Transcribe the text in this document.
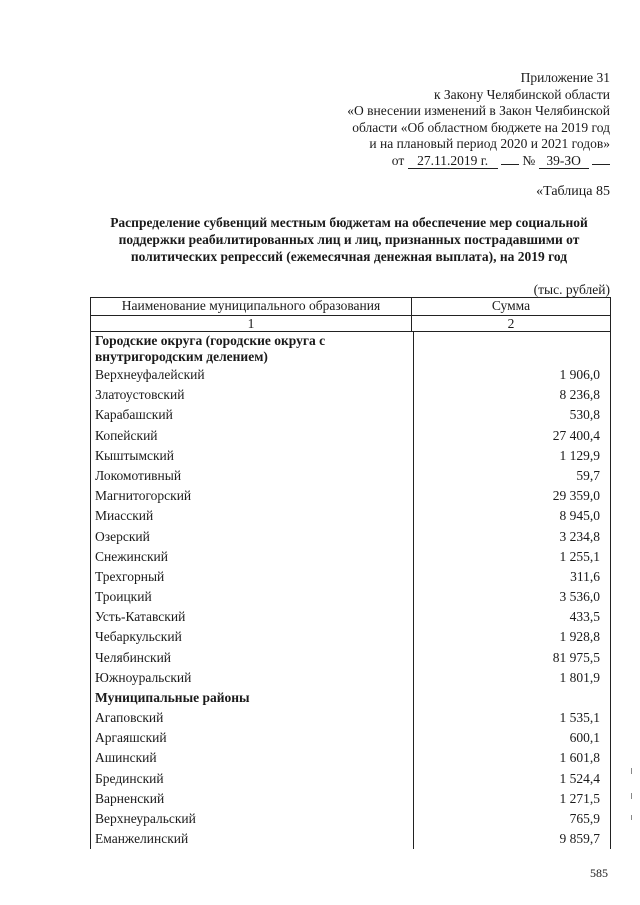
Приложение 31
к Закону Челябинской области
«О внесении изменений в Закон Челябинской
области «Об областном бюджете на 2019 год
и на плановый период 2020 и 2021 годов»
от 27.11.2019 г.	№ 39-ЗО
«Таблица 85
Распределение субвенций местным бюджетам на обеспечение мер социальной поддержки реабилитированных лиц и лиц, признанных пострадавшими от политических репрессий (ежемесячная денежная выплата), на 2019 год
(тыс. рублей)
Наименование муниципального образования	Сумма
1	2
Городские округа (городские округа с внутригородским делением)
Верхнеуфалейский	1 906,0
Златоустовский	8 236,8
Карабашский	530,8
Копейский	27 400,4
Кыштымский	1 129,9
Локомотивный	59,7
Магнитогорский	29 359,0
Миасский	8 945,0
Озерский	3 234,8
Снежинский	1 255,1
Трехгорный	311,6
Троицкий	3 536,0
Усть-Катавский	433,5
Чебаркульский	1 928,8
Челябинский	81 975,5
Южноуральский	1 801,9
Муниципальные районы
Агаповский	1 535,1
Аргаяшский	600,1
Ашинский	1 601,8
Брединский	1 524,4
Варненский	1 271,5
Верхнеуральский	765,9
Еманжелинский	9 859,7
585
